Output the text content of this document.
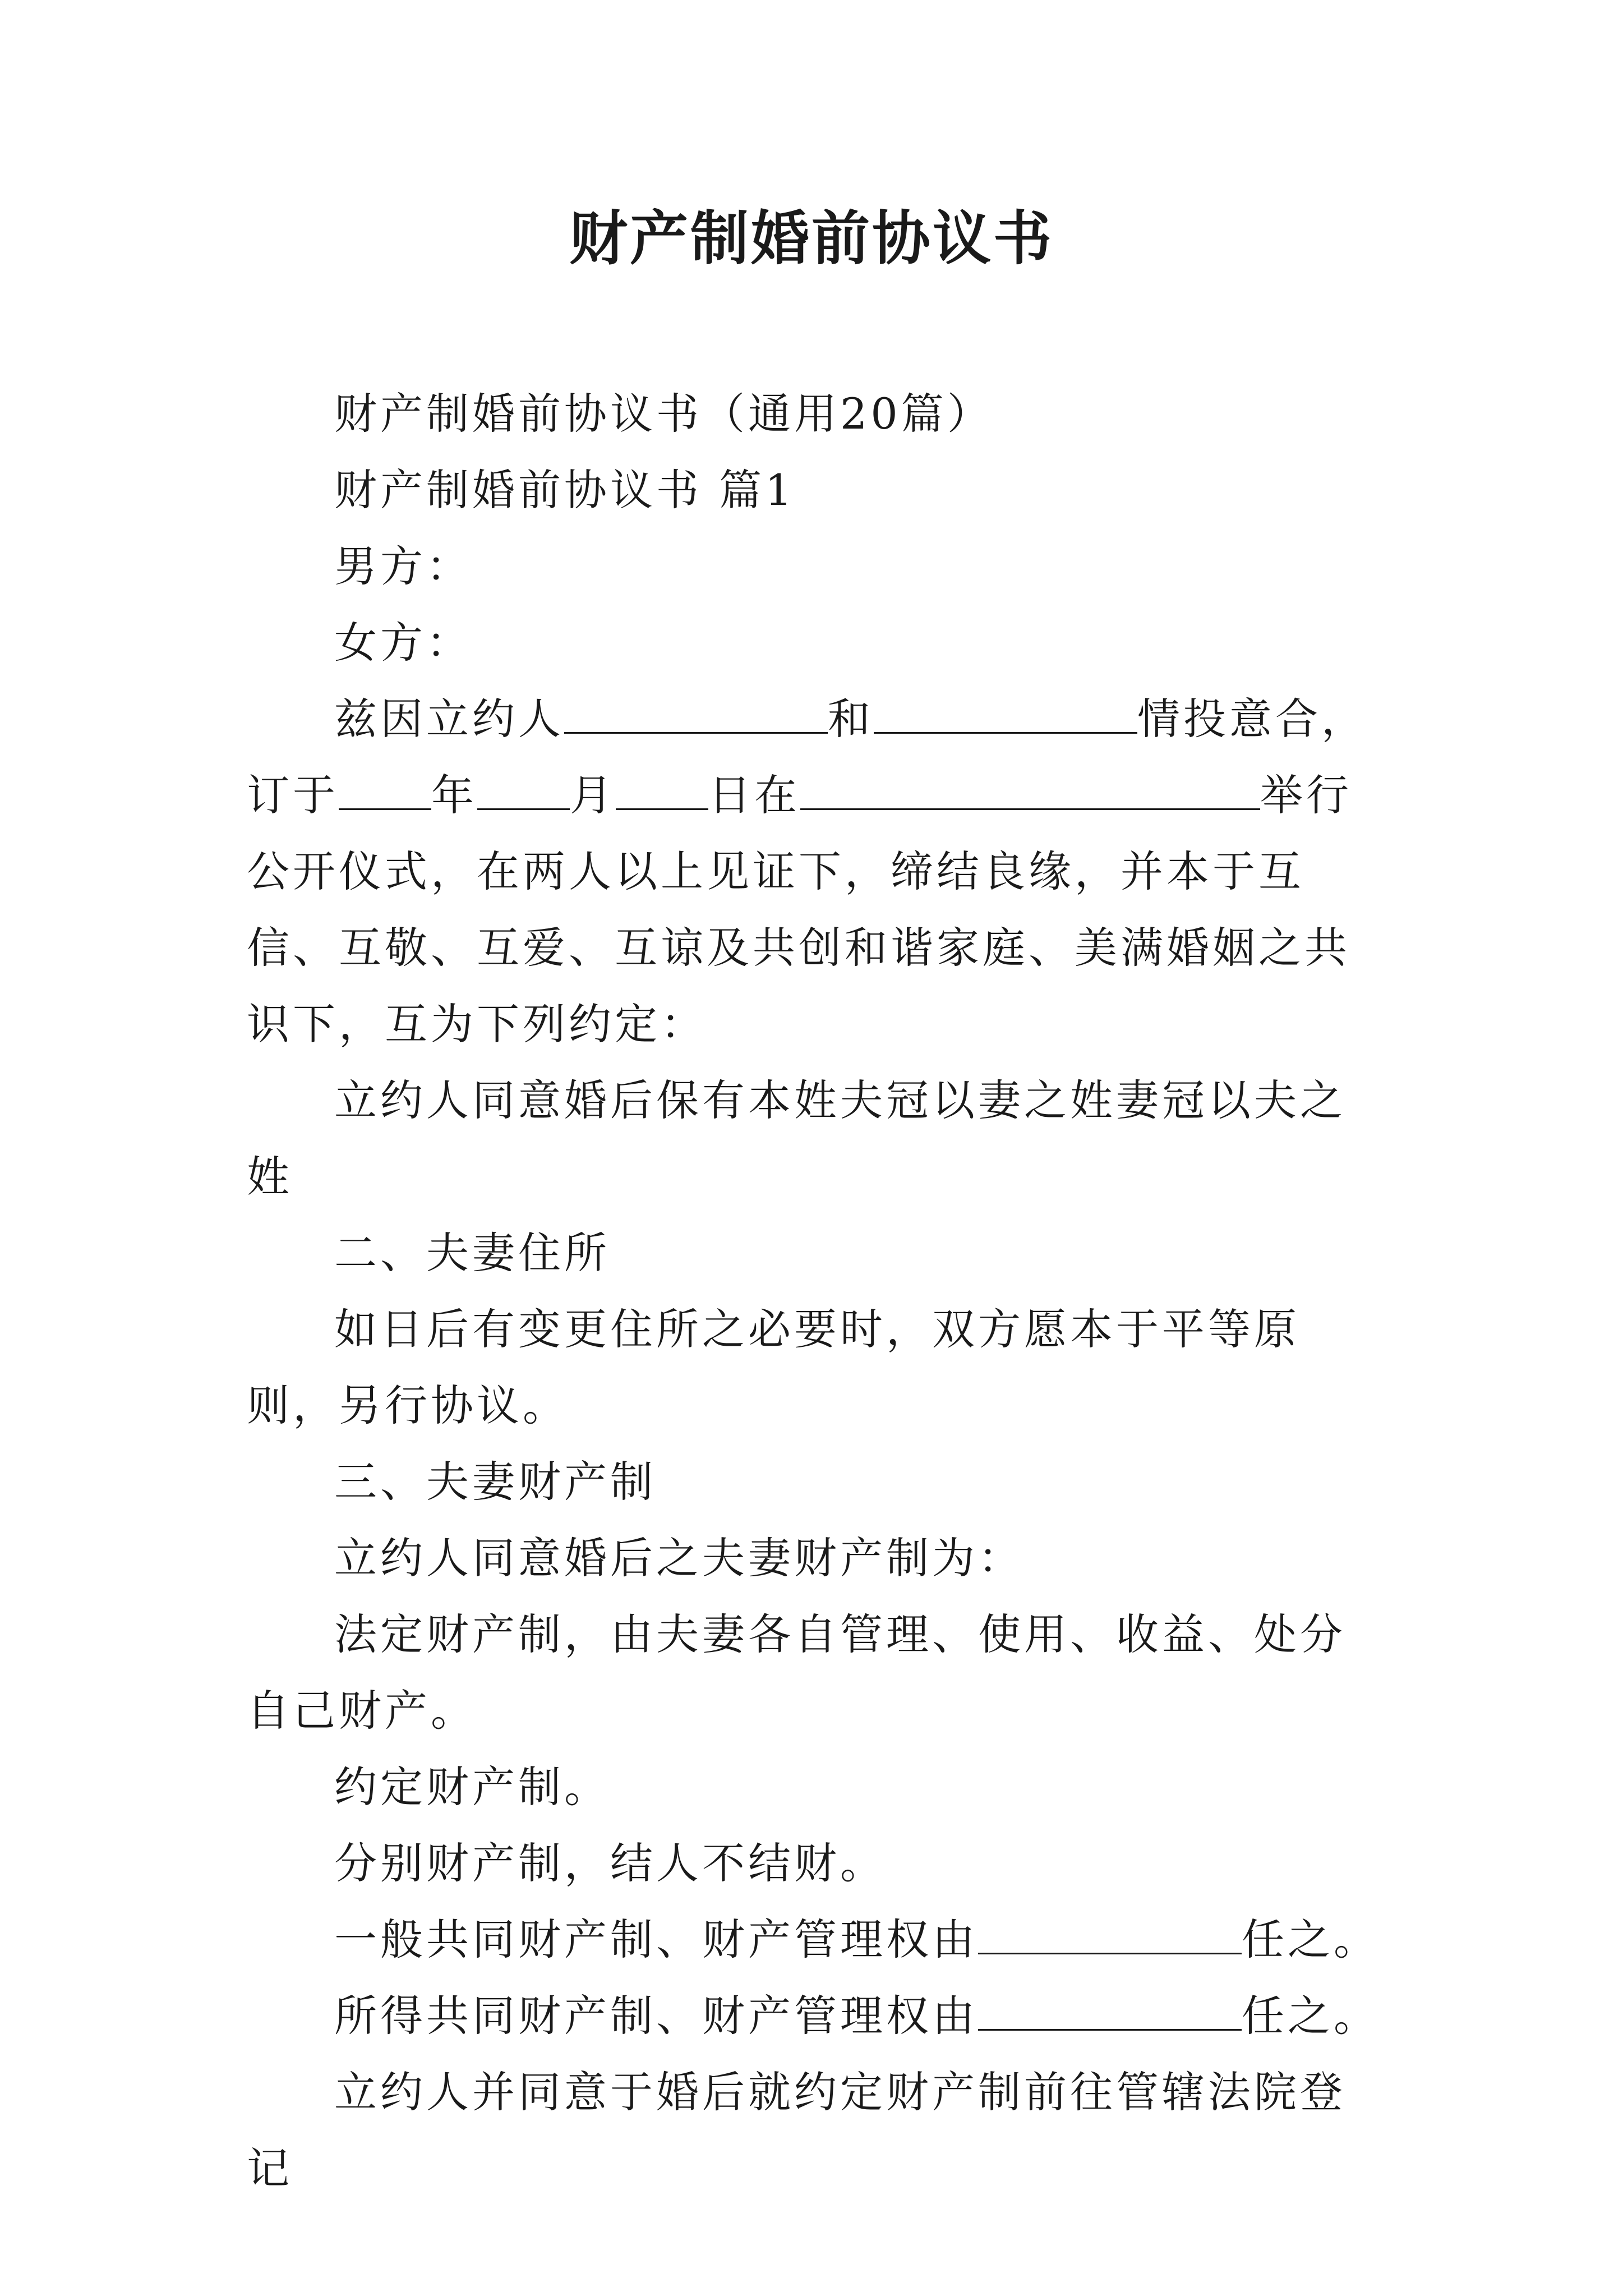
财产制婚前协议书

财产制婚前协议书（通用20篇）

财产制婚前协议书 篇1

男方：

女方：

兹因立约人	和	情投意合，订于 年 月 日在	举行公开仪式，在两人以上见证下，缔结良缘，并本于互信、互敬、互爱、互谅及共创和谐家庭、美满婚姻之共识下，互为下列约定：

立约人同意婚后保有本姓夫冠以妻之姓妻冠以夫之姓

二、夫妻住所

如日后有变更住所之必要时，双方愿本于平等原则，另行协议。

三、夫妻财产制

立约人同意婚后之夫妻财产制为：

法定财产制，由夫妻各自管理、使用、收益、处分自己财产。

约定财产制。

分别财产制，结人不结财。

一般共同财产制、财产管理权由	任之。

所得共同财产制、财产管理权由	任之。

立约人并同意于婚后就约定财产制前往管辖法院登记
